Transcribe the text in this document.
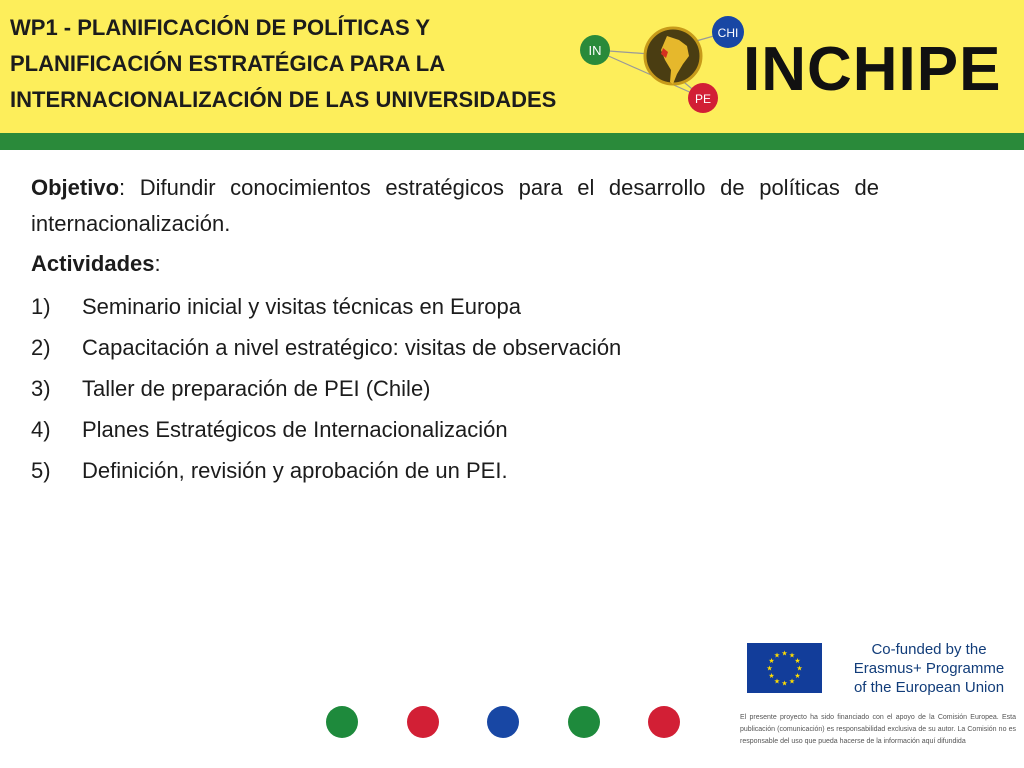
WP1 - PLANIFICACIÓN DE POLÍTICAS Y
PLANIFICACIÓN ESTRATÉGICA PARA LA
INTERNACIONALIZACIÓN DE LAS UNIVERSIDADES
IN
CHI
PE INCHIPE

Objetivo: Difundir conocimientos estratégicos para el desarrollo de políticas de internacionalización.

Actividades:

1)	Seminario inicial y visitas técnicas en Europa
2)	Capacitación a nivel estratégico: visitas de observación
3)	Taller de preparación de PEI (Chile)
4)	Planes Estratégicos de Internacionalización
5)	Definición, revisión y aprobación de un PEI.
★ ★
★
★
★
★
★
★
★
★
★
★	Co-funded by the
Erasmus+ Programme
of the European Union
El presente proyecto ha sido financiado con el apoyo de la Comisión Europea. Esta publicación (comunicación) es responsabilidad exclusiva de su autor. La Comisión no es responsable del uso que pueda hacerse de la información aquí difundida
